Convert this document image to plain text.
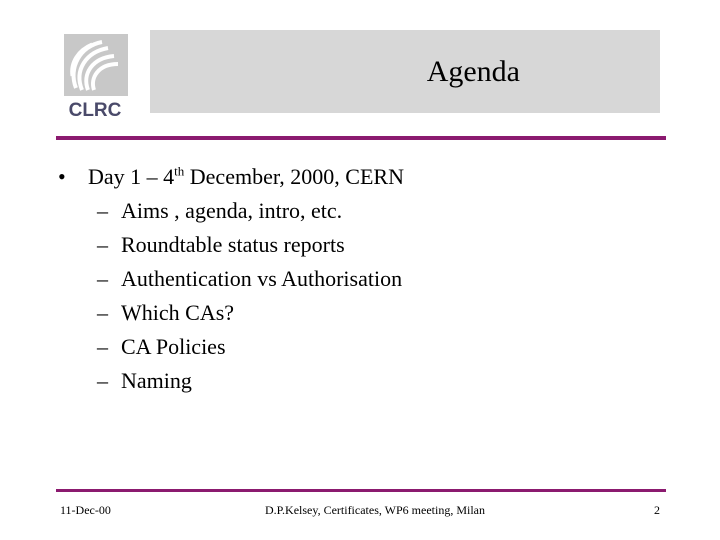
CLRC
Agenda
•	Day 1 – 4th December, 2000, CERN
– Aims , agenda, intro, etc.
– Roundtable status reports
– Authentication vs Authorisation
– Which CAs?
– CA Policies
– Naming
11-Dec-00	D.P.Kelsey, Certificates, WP6 meeting, Milan	2
